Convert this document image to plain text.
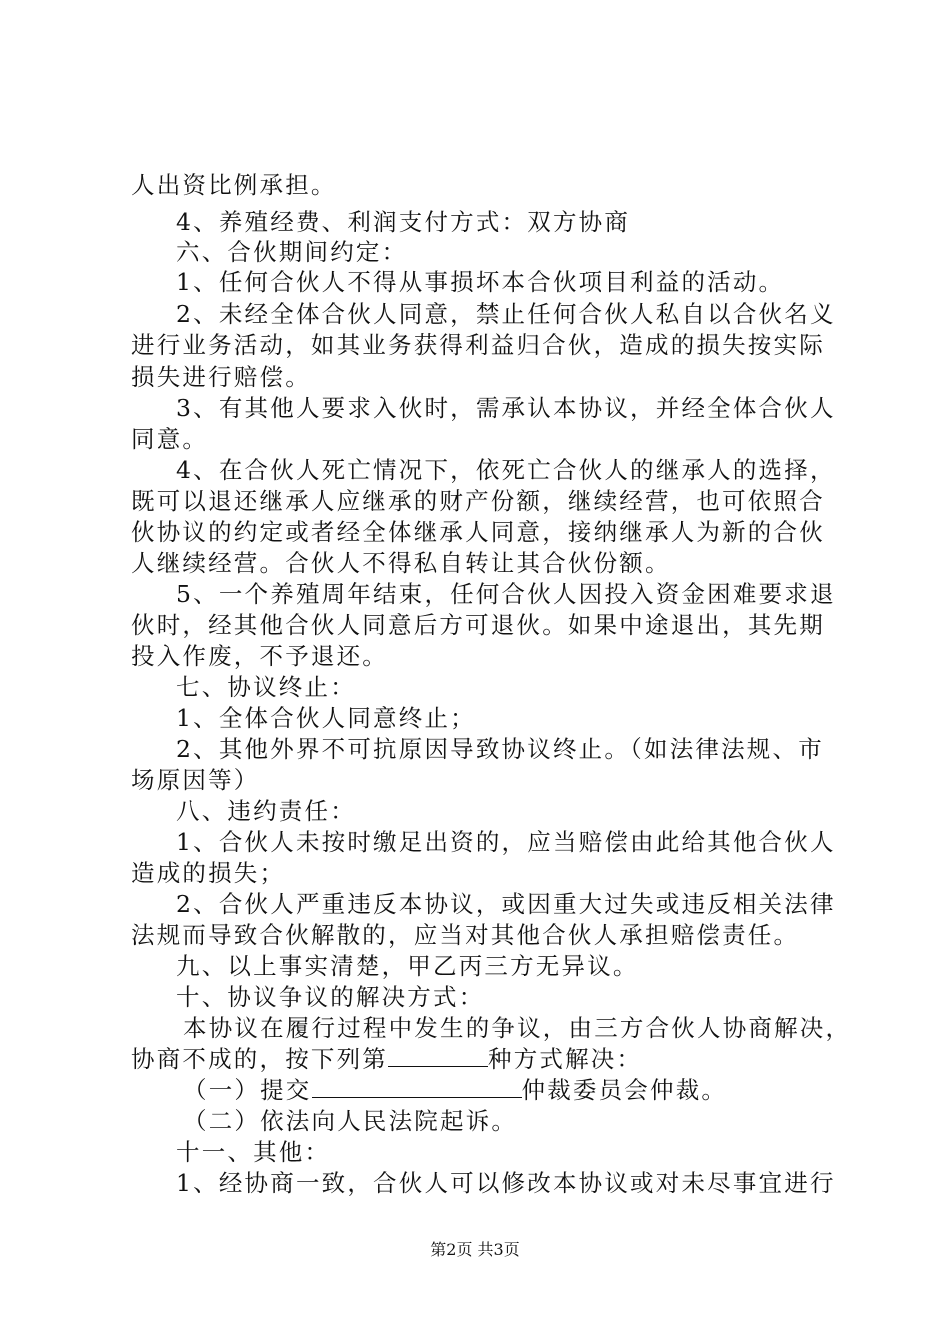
人出资比例承担。
4、养殖经费、利润支付方式：双方协商
六、合伙期间约定：
1、任何合伙人不得从事损坏本合伙项目利益的活动。
2、未经全体合伙人同意，禁止任何合伙人私自以合伙名义
进行业务活动，如其业务获得利益归合伙，造成的损失按实际
损失进行赔偿。
3、有其他人要求入伙时，需承认本协议，并经全体合伙人
同意。
4、在合伙人死亡情况下，依死亡合伙人的继承人的选择，
既可以退还继承人应继承的财产份额，继续经营，也可依照合
伙协议的约定或者经全体继承人同意，接纳继承人为新的合伙
人继续经营。合伙人不得私自转让其合伙份额。
5、一个养殖周年结束，任何合伙人因投入资金困难要求退
伙时，经其他合伙人同意后方可退伙。如果中途退出，其先期
投入作废，不予退还。
七、协议终止：
1、全体合伙人同意终止；
2、其他外界不可抗原因导致协议终止。（如法律法规、市
场原因等）
八、违约责任：
1、合伙人未按时缴足出资的，应当赔偿由此给其他合伙人
造成的损失；
2、合伙人严重违反本协议，或因重大过失或违反相关法律
法规而导致合伙解散的，应当对其他合伙人承担赔偿责任。
九、以上事实清楚，甲乙丙三方无异议。
十、协议争议的解决方式：
本协议在履行过程中发生的争议，由三方合伙人协商解决，
协商不成的，按下列第	种方式解决：
（一）提交	仲裁委员会仲裁。
（二）依法向人民法院起诉。
十一、其他：
1、经协商一致，合伙人可以修改本协议或对未尽事宜进行
第2页 共3页
